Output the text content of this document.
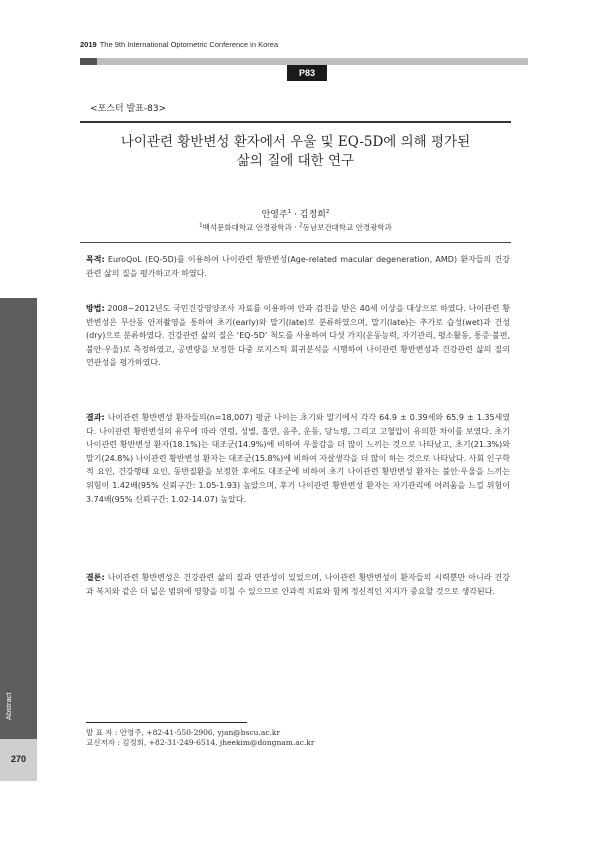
2019 The 9th International Optometric Conference in Korea
P83
<포스터 발표-83>
나이관련 황반변성 환자에서 우울 및 EQ-5D에 의해 평가된
삶의 질에 대한 연구
안영주$^1$ · 김정희$^2$
$^1$백석문화대학교 안경광학과 · $^2$동남보건대학교 안경광학과
목적: EuroQoL (EQ-5D)를 이용하여 나이관련 황반변성(Age-related macular degeneration, AMD) 환자들의 건강관련 삶의 질을 평가하고자 하였다.
방법: 2008~2012년도 국민건강영양조사 자료를 이용하여 안과 검진을 받은 40세 이상을 대상으로 하였다. 나이관련 황반변성은 무산동 안저촬영을 통하여 초기(early)와 말기(late)로 분류하였으며, 말기(late)는 추가로 습성(wet)과 건성(dry)으로 분류하였다. 건강관련 삶의 질은 ‘EQ-5D’ 척도를 사용하여 다섯 가지(운동능력, 자기관리, 평소활동, 통증·불편, 불안·우울)로 측정하였고, 공변량을 보정한 다중 로지스틱 회귀분석을 시행하여 나이관련 황반변성과 건강관련 삶의 질의 연관성을 평가하였다.
결과: 나이관련 황반변성 환자들의(n=18,007) 평균 나이는 초기와 말기에서 각각 64.9 ± 0.39세와 65.9 ± 1.35세였다. 나이관련 황반변성의 유무에 따라 연령, 성별, 흡연, 음주, 운동, 당뇨병, 그리고 고혈압이 유의한 차이를 보였다. 초기 나이관련 황반변성 환자(18.1%)는 대조군(14.9%)에 비하여 우울감을 더 많이 느끼는 것으로 나타났고, 초기(21.3%)와 말기(24.8%) 나이관련 황반변성 환자는 대조군(15.8%)에 비하여 자살생각을 더 많이 하는 것으로 나타났다. 사회 인구학적 요인, 건강행태 요인, 동반질환을 보정한 후에도 대조군에 비하여 초기 나이관련 황반변성 환자는 불안·우울을 느끼는 위험이 1.42배(95% 신뢰구간: 1.05-1.93) 높았으며, 후기 나이관련 황반변성 환자는 자기관리에 어려움을 느낄 위험이 3.74배(95% 신뢰구간: 1.02-14.07) 높았다.
결론: 나이관련 황반변성은 건강관련 삶의 질과 연관성이 있었으며, 나이관련 황반변성이 환자들의 시력뿐만 아니라 건강과 복지와 같은 더 넓은 범위에 영향을 미칠 수 있으므로 안과적 치료와 함께 정신적인 지지가 중요할 것으로 생각된다.
Abstract
270
발 표 자 : 안영주, +82-41-550-2906, yjan@bscu.ac.kr
교신저자 : 김정희, +82-31-249-6514, jheekim@dongnam.ac.kr
